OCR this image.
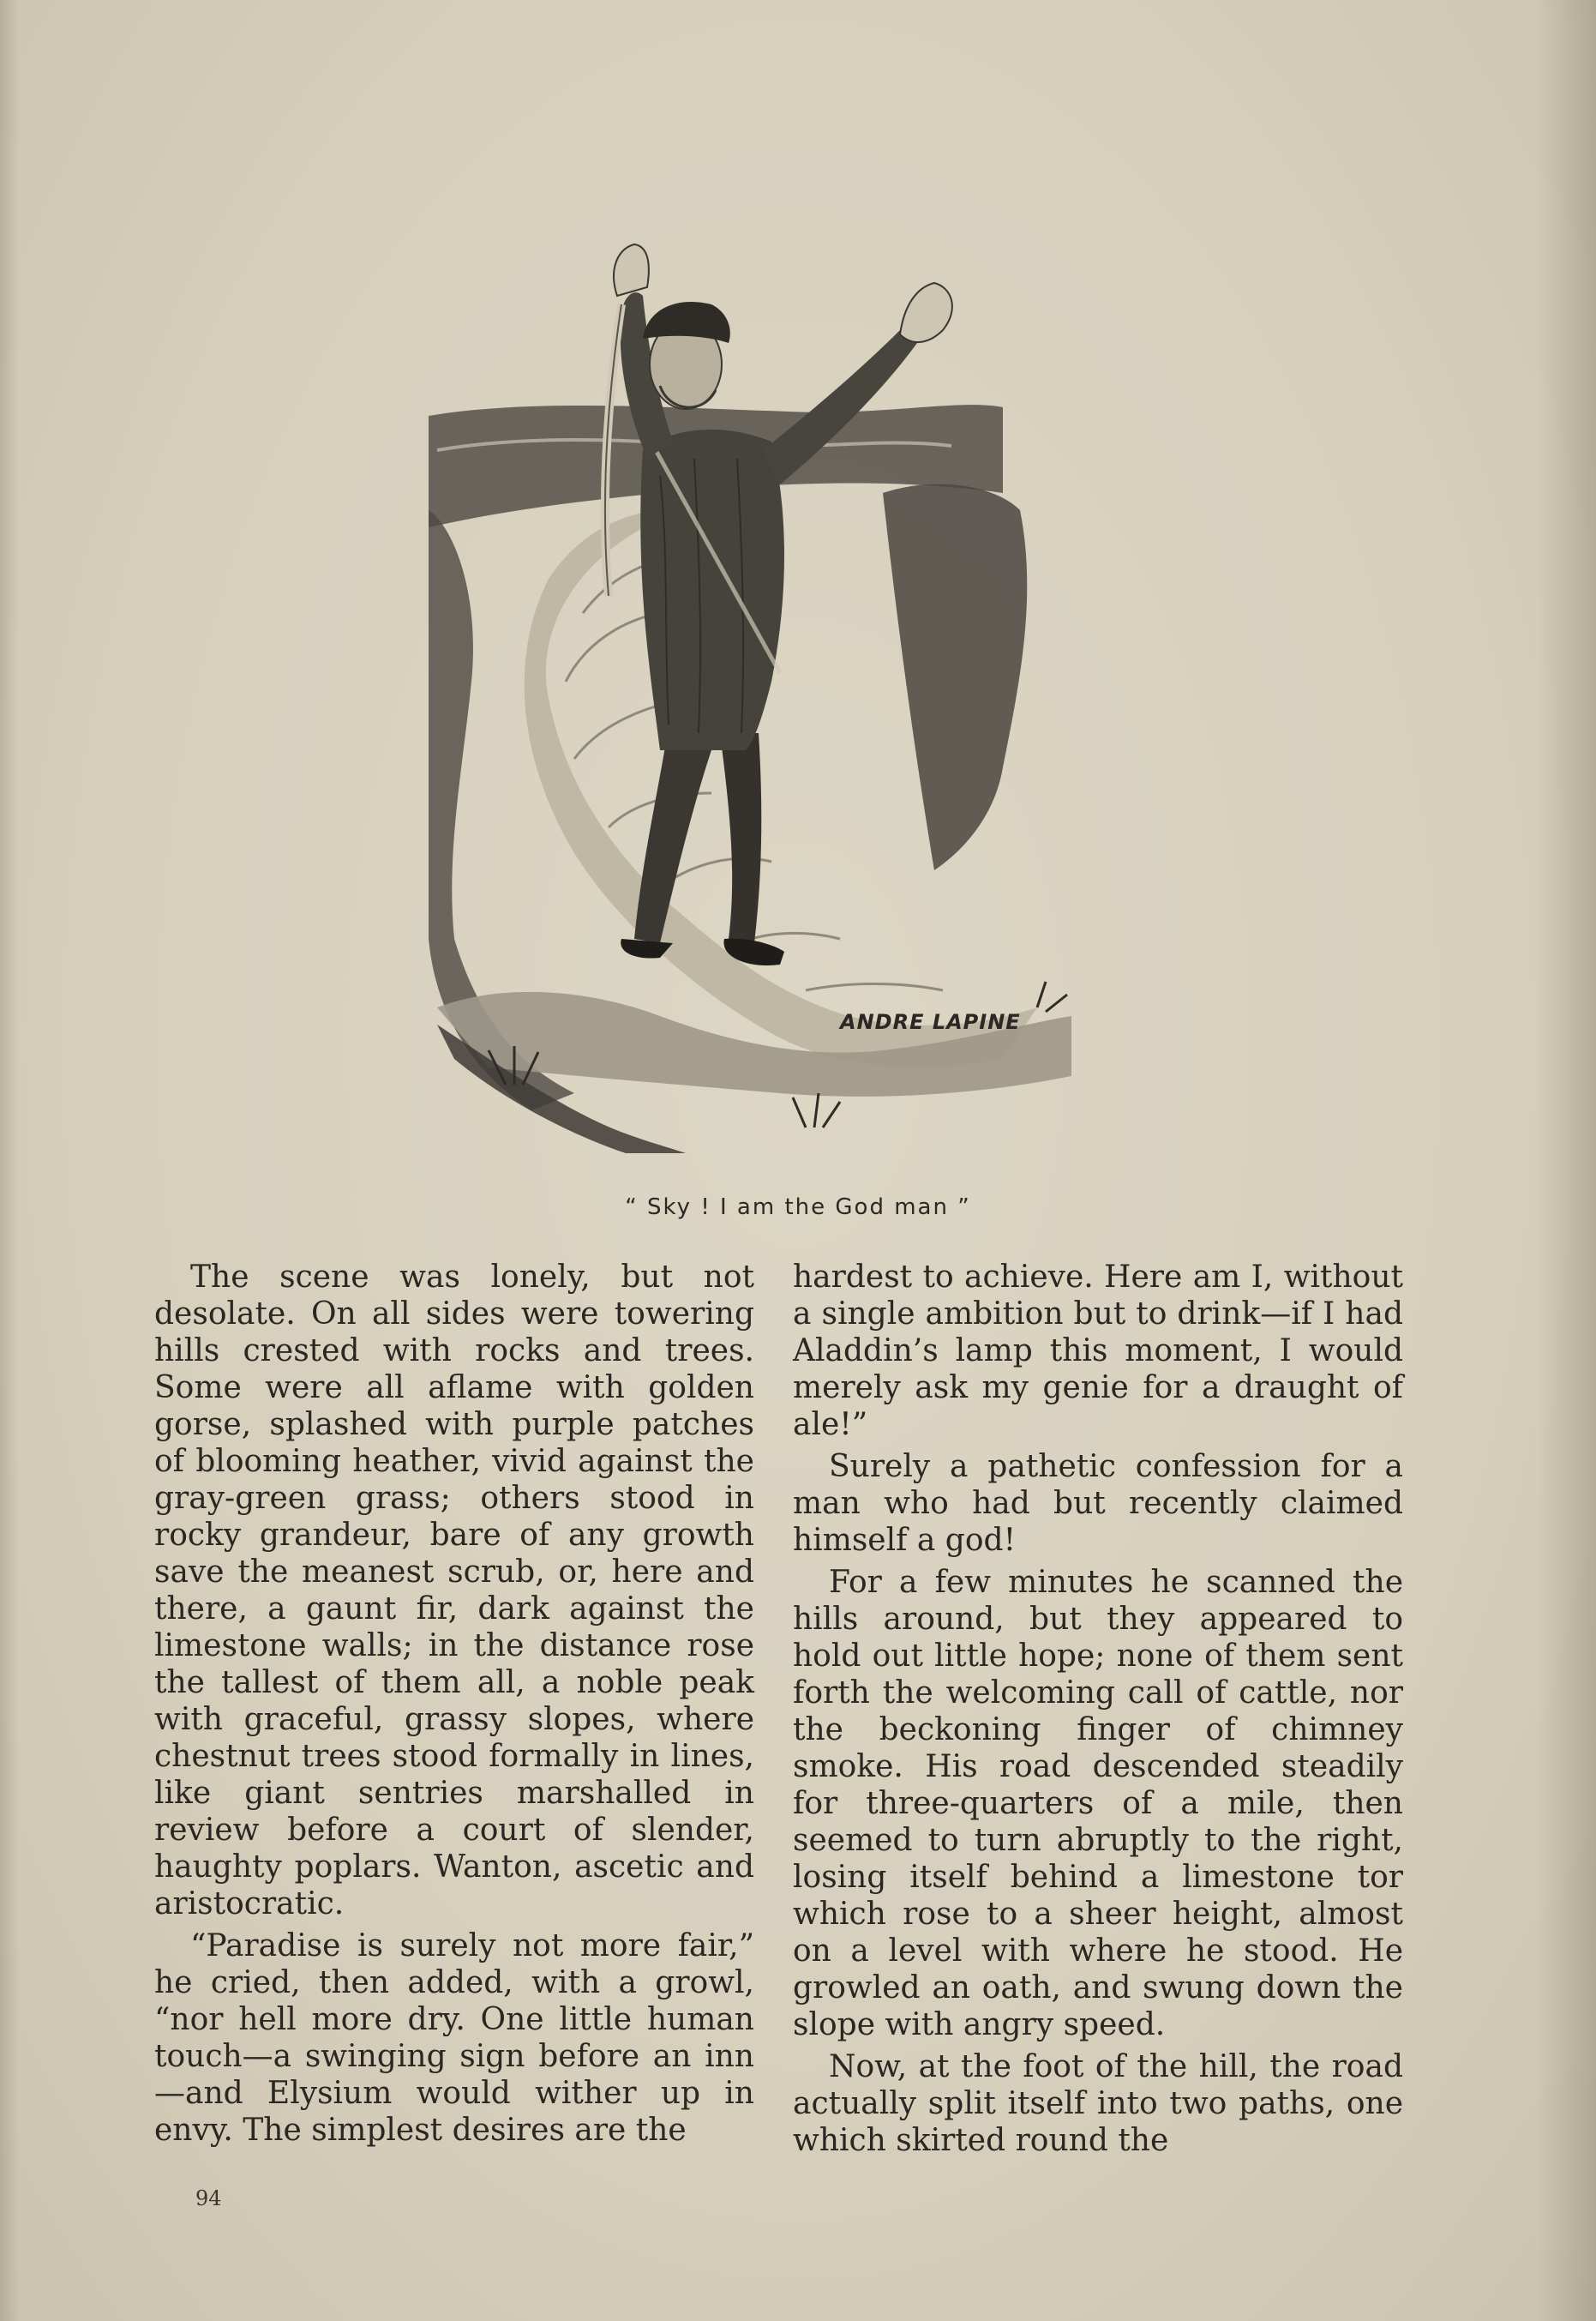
ANDRE LAPINE
“ Sky ! I am the God man ”

The scene was lonely, but not desolate. On all sides were towering hills crested with rocks and trees. Some were all aflame with golden gorse, splashed with purple patches of blooming heather, vivid against the gray-green grass; others stood in rocky grandeur, bare of any growth save the meanest scrub, or, here and there, a gaunt fir, dark against the limestone walls; in the distance rose the tallest of them all, a noble peak with graceful, grassy slopes, where chestnut trees stood formally in lines, like giant sentries marshalled in review before a court of slender, haughty poplars. Wanton, ascetic and aristocratic.

“Paradise is surely not more fair,” he cried, then added, with a growl, “nor hell more dry. One little human touch—a swinging sign before an inn—and Elysium would wither up in envy. The simplest desires are the

hardest to achieve. Here am I, without a single ambition but to drink—if I had Aladdin’s lamp this moment, I would merely ask my genie for a draught of ale!”

Surely a pathetic confession for a man who had but recently claimed himself a god!

For a few minutes he scanned the hills around, but they appeared to hold out little hope; none of them sent forth the welcoming call of cattle, nor the beckoning finger of chimney smoke. His road descended steadily for three-quarters of a mile, then seemed to turn abruptly to the right, losing itself behind a limestone tor which rose to a sheer height, almost on a level with where he stood. He growled an oath, and swung down the slope with angry speed.

Now, at the foot of the hill, the road actually split itself into two paths, one which skirted round the

94
